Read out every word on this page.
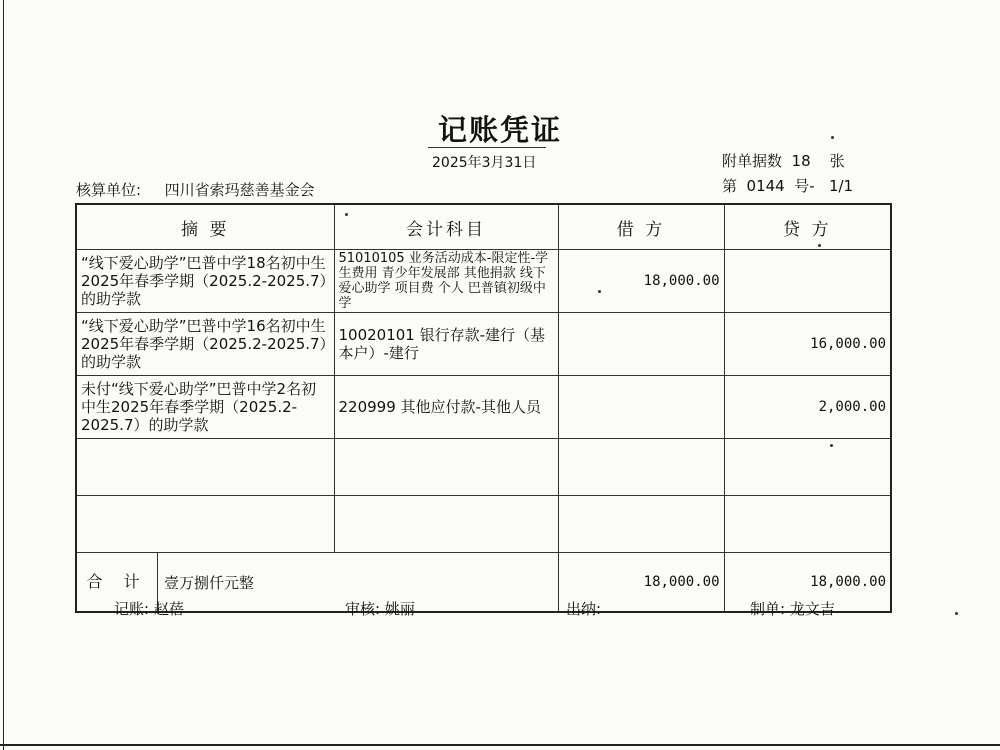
记账凭证
2025年3月31日
核算单位: 四川省索玛慈善基金会
附单据数  18    张
第  0144  号-   1/1
摘 要	会计科目	借 方	贷 方
“线下爱心助学”巴普中学18名初中生2025年春季学期（2025.2-2025.7）的助学款	51010105 业务活动成本-限定性-学生费用 青少年发展部 其他捐款 线下爱心助学 项目费 个人 巴普镇初级中学	18,000.00	
“线下爱心助学”巴普中学16名初中生2025年春季学期（2025.2-2025.7）的助学款	10020101 银行存款-建行（基本户）-建行		16,000.00
未付“线下爱心助学”巴普中学2名初中生2025年春季学期（2025.2-2025.7）的助学款	220999 其他应付款-其他人员		2,000.00

合 计 壹万捌仟元整		18,000.00	18,000.00
记账: 赵蓓	审核: 姚丽	出纳:	制单: 龙文吉
